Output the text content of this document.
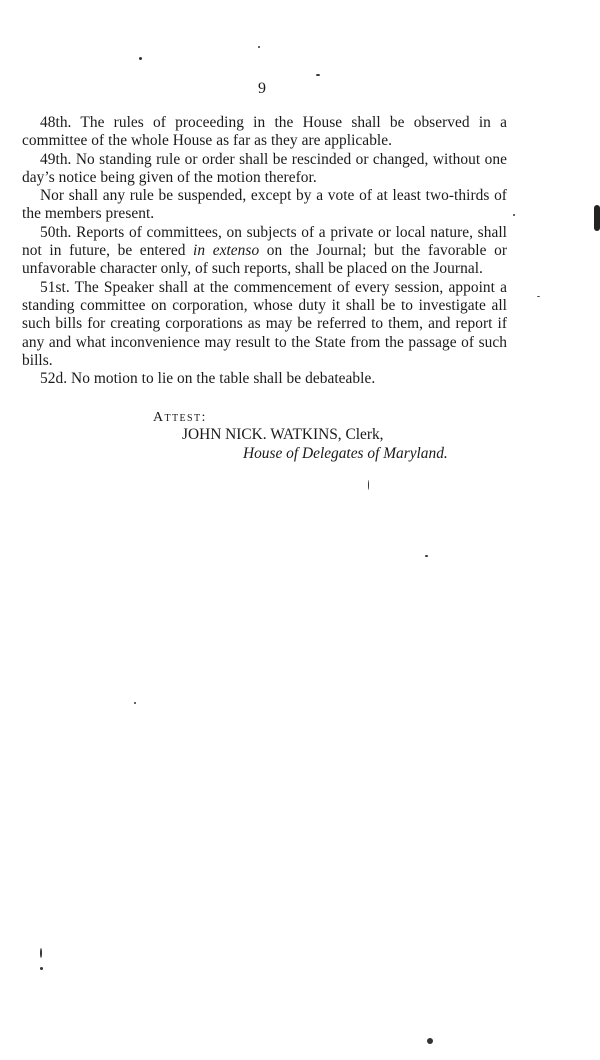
9

48th. The rules of proceeding in the House shall be observed in a committee of the whole House as far as they are applicable.

49th. No standing rule or order shall be rescinded or changed, without one day’s notice being given of the motion therefor.

Nor shall any rule be suspended, except by a vote of at least two-thirds of the members present.

50th. Reports of committees, on subjects of a private or local nature, shall not in future, be entered in extenso on the Journal; but the favorable or unfavorable character only, of such reports, shall be placed on the Journal.

51st. The Speaker shall at the commencement of every session, appoint a standing committee on corporation, whose duty it shall be to investigate all such bills for creating corporations as may be referred to them, and report if any and what inconvenience may result to the State from the passage of such bills.

52d. No motion to lie on the table shall be debateable.

Attest:
JOHN NICK. WATKINS, Clerk,
House of Delegates of Maryland.
